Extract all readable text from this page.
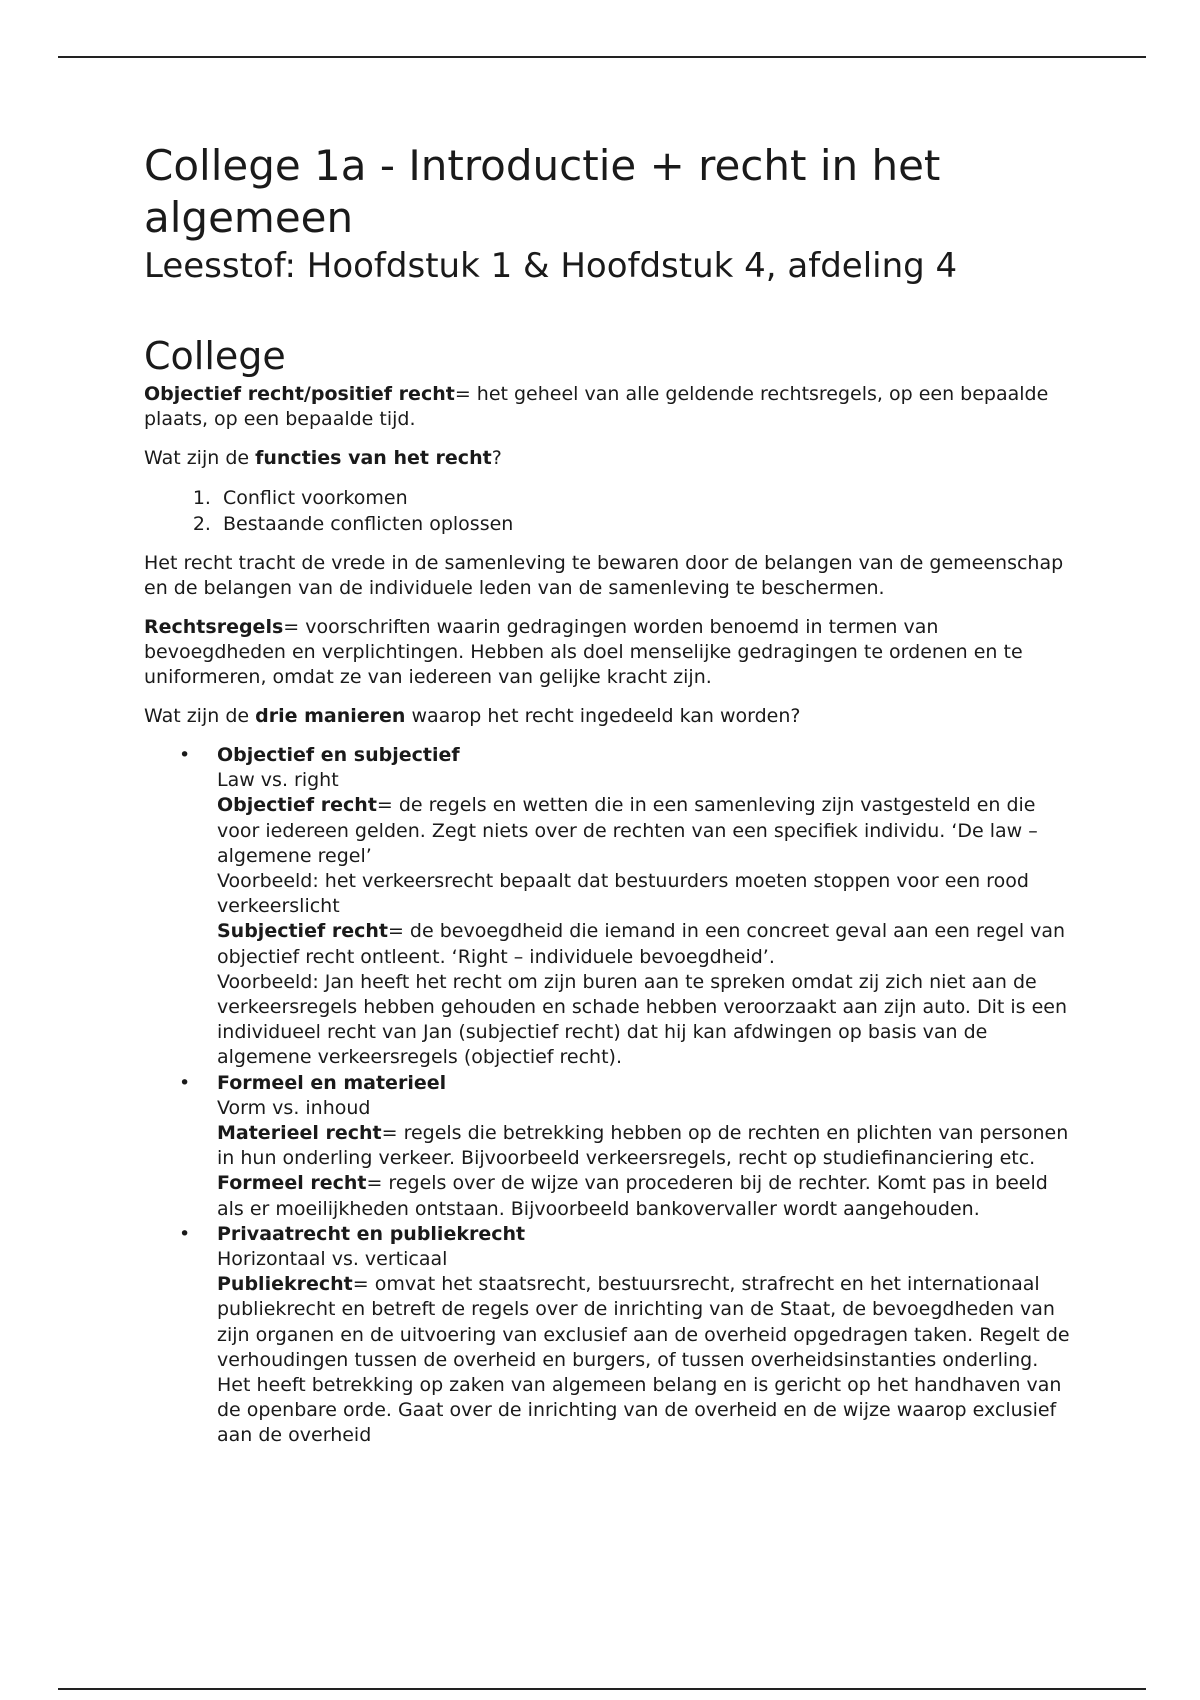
College 1a - Introductie + recht in het algemeen
Leesstof: Hoofdstuk 1 & Hoofdstuk 4, afdeling 4
College

Objectief recht/positief recht= het geheel van alle geldende rechtsregels, op een bepaalde plaats, op een bepaalde tijd.

Wat zijn de functies van het recht?

1. Conflict voorkomen
2. Bestaande conflicten oplossen

Het recht tracht de vrede in de samenleving te bewaren door de belangen van de gemeenschap en de belangen van de individuele leden van de samenleving te beschermen.

Rechtsregels= voorschriften waarin gedragingen worden benoemd in termen van bevoegdheden en verplichtingen. Hebben als doel menselijke gedragingen te ordenen en te uniformeren, omdat ze van iedereen van gelijke kracht zijn.

Wat zijn de drie manieren waarop het recht ingedeeld kan worden?

• Objectief en subjectief
Law vs. right
Objectief recht= de regels en wetten die in een samenleving zijn vastgesteld en die voor iedereen gelden. Zegt niets over de rechten van een specifiek individu. ‘De law – algemene regel’
Voorbeeld: het verkeersrecht bepaalt dat bestuurders moeten stoppen voor een rood verkeerslicht
Subjectief recht= de bevoegdheid die iemand in een concreet geval aan een regel van objectief recht ontleent. ‘Right – individuele bevoegdheid’.
Voorbeeld: Jan heeft het recht om zijn buren aan te spreken omdat zij zich niet aan de verkeersregels hebben gehouden en schade hebben veroorzaakt aan zijn auto. Dit is een individueel recht van Jan (subjectief recht) dat hij kan afdwingen op basis van de algemene verkeersregels (objectief recht).
• Formeel en materieel
Vorm vs. inhoud
Materieel recht= regels die betrekking hebben op de rechten en plichten van personen in hun onderling verkeer. Bijvoorbeeld verkeersregels, recht op studiefinanciering etc.
Formeel recht= regels over de wijze van procederen bij de rechter. Komt pas in beeld als er moeilijkheden ontstaan. Bijvoorbeeld bankovervaller wordt aangehouden.
• Privaatrecht en publiekrecht
Horizontaal vs. verticaal
Publiekrecht= omvat het staatsrecht, bestuursrecht, strafrecht en het internationaal publiekrecht en betreft de regels over de inrichting van de Staat, de bevoegdheden van zijn organen en de uitvoering van exclusief aan de overheid opgedragen taken. Regelt de verhoudingen tussen de overheid en burgers, of tussen overheidsinstanties onderling. Het heeft betrekking op zaken van algemeen belang en is gericht op het handhaven van de openbare orde. Gaat over de inrichting van de overheid en de wijze waarop exclusief aan de overheid
